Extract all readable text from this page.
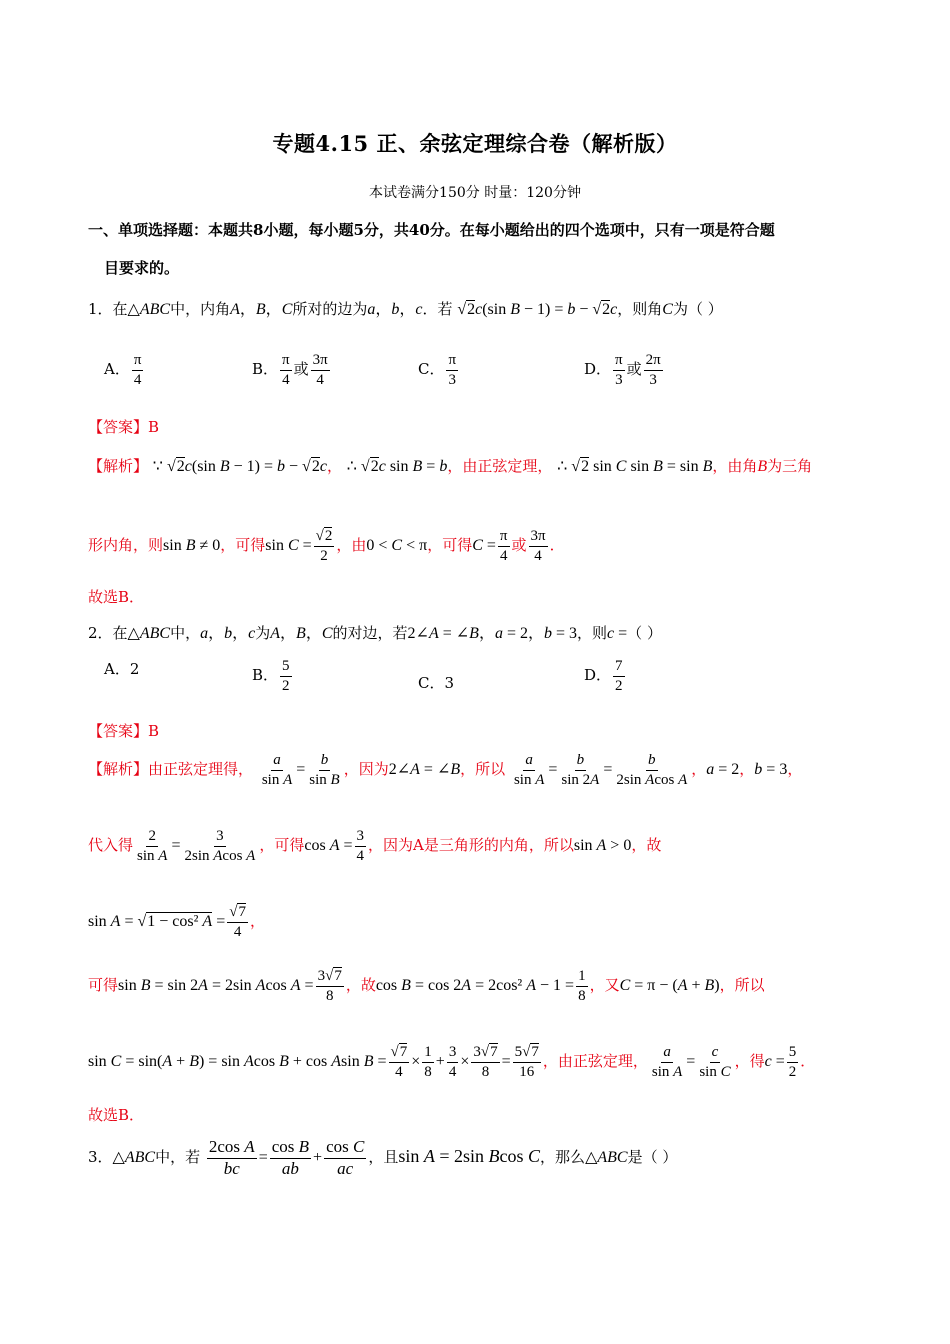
专题4.15 正、余弦定理综合卷（解析版）
本试卷满分150分 时量：120分钟
一、单项选择题：本题共8小题，每小题5分，共40分。在每小题给出的四个选项中，只有一项是符合题
目要求的。
1．在△ABC中，内角A，B，C所对的边为a，b，c．若 √2c(sin B − 1) = b − √2c，则角C为（ ）
A． $\frac{\pi}{4}$	B． $\frac{\pi}{4}$ 或 $\frac{3\pi}{4}$	C． $\frac{\pi}{3}$	D． $\frac{\pi}{3}$ 或 $\frac{2\pi}{3}$
【答案】B
【解析】 ∵ √2c(sin B − 1) = b − √2c， ∴ √2c sin B = b，由正弦定理， ∴ √2 sin C sin B = sin B，由角B为三角
形内角，则sin B ≠ 0，可得$\sin C = \frac{√2}{2}$ ，由0 < C < π，可得$C = \frac{\pi}{4}$ 或 $\frac{3\pi}{4}$ ．
故选B．
2．在△ABC中，a，b，c为A，B，C的对边，若2∠A = ∠B，a = 2，b = 3，则c =（ ）
A．2	B． $\frac{5}{2}$	C．3	D． $\frac{7}{2}$
【答案】B
【解析】由正弦定理得， $\frac{a}{\text{sin A}} = \frac{b}{\text{sin B}}$ ，因为2∠A = ∠B，所以 $\frac{a}{\text{sin A}} = \frac{b}{\sin 2A} = \frac{b}{\text{2sin Acos A}}$ ，a = 2，b = 3，
代入得 $\frac{2}{\text{sin A}} = \frac{3}{\text{2sin Acos A}}$ ，可得$\cos A = \frac{3}{4}$ ，因为A是三角形的内角，所以sin A > 0，故
sin A = √1 − cos² $A = \frac{√7}{4}$ ，
可得sin B = sin 2A = 2sin Acos $A = \frac{3√7}{8}$ ，故cos B = cos 2A = 2cos² $A - 1 = \frac{1}{8}$ ，又C = π − (A + B)，所以
sin C = sin(A + B) = sin Acos B + cos Asin $B = \frac{√7}{4} \times \frac{1}{8} + \frac{3}{4} \times \frac{3√7}{8} = \frac{5√7}{16}$ ，由正弦定理， $\frac{a}{\text{sin A}} = \frac{c}{\text{sin C}}$ ，得$c = \frac{5}{2}$ ．
故选B．
3．△ABC中，若 $\frac{\text{2cos A}}{bc} = \frac{\text{cos B}}{ab} + \frac{\text{cos C}}{ac}$ ，且sin A = 2sin Bcos C，那么△ABC是（ ）
